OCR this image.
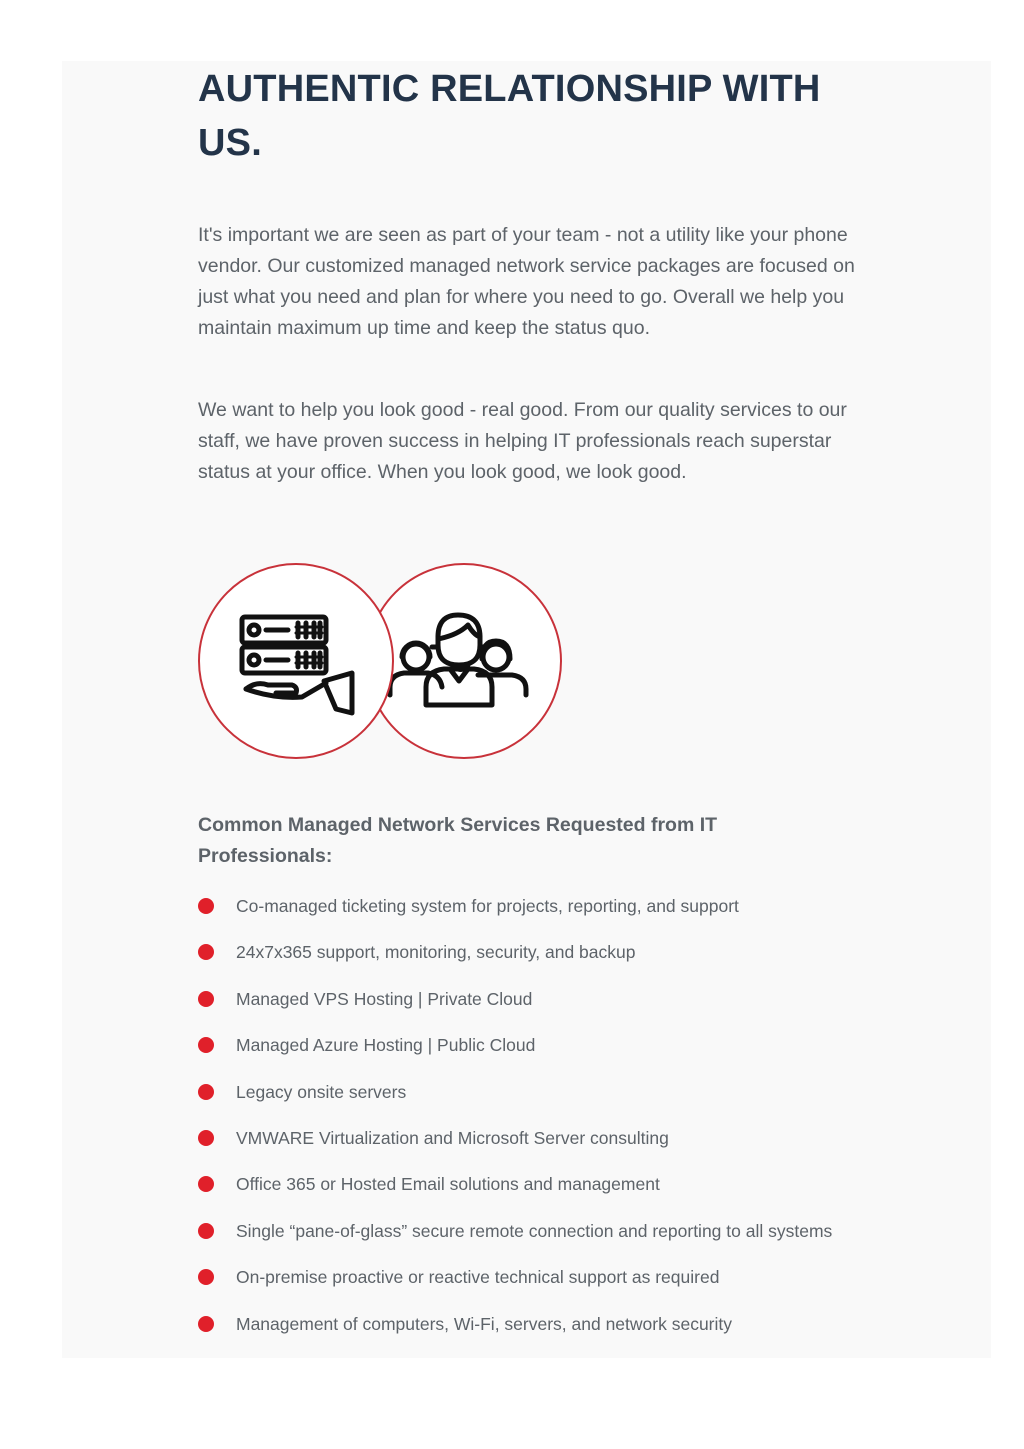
AUTHENTIC RELATIONSHIP WITH US.

It's important we are seen as part of your team - not a utility like your phone vendor. Our customized managed network service packages are focused on just what you need and plan for where you need to go. Overall we help you maintain maximum up time and keep the status quo.

We want to help you look good - real good. From our quality services to our staff, we have proven success in helping IT professionals reach superstar status at your office. When you look good, we look good.

Common Managed Network Services Requested from IT Professionals:
Co-managed ticketing system for projects, reporting, and support
24x7x365 support, monitoring, security, and backup
Managed VPS Hosting | Private Cloud
Managed Azure Hosting | Public Cloud
Legacy onsite servers
VMWARE Virtualization and Microsoft Server consulting
Office 365 or Hosted Email solutions and management
Single “pane-of-glass” secure remote connection and reporting to all systems
On-premise proactive or reactive technical support as required
Management of computers, Wi-Fi, servers, and network security
